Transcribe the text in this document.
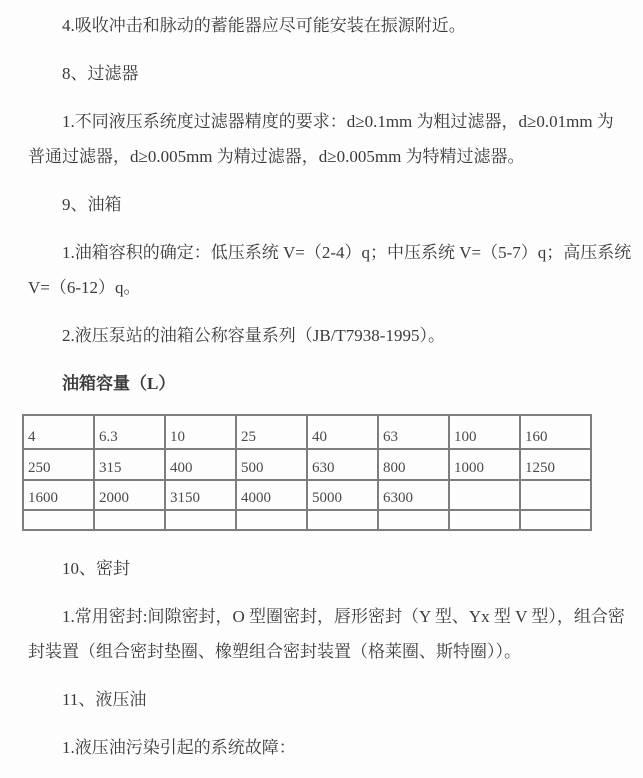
4.吸收冲击和脉动的蓄能器应尽可能安装在振源附近。
8、过滤器
1.不同液压系统度过滤器精度的要求：d≥0.1mm 为粗过滤器，d≥0.01mm 为
普通过滤器，d≥0.005mm 为精过滤器，d≥0.005mm 为特精过滤器。
9、油箱
1.油箱容积的确定：低压系统 V=（2-4）q；中压系统 V=（5-7）q；高压系统
V=（6-12）q。
2.液压泵站的油箱公称容量系列（JB/T7938-1995）。
油箱容量（L）
4	6.3	10	25	40	63	100	160
250	315	400	500	630	800	1000	1250
1600	2000	3150	4000	5000	6300		

10、密封
1.常用密封:间隙密封，O 型圈密封，唇形密封（Y 型、Yx 型 V 型），组合密
封装置（组合密封垫圈、橡塑组合密封装置（格莱圈、斯特圈））。
11、液压油
1.液压油污染引起的系统故障：
